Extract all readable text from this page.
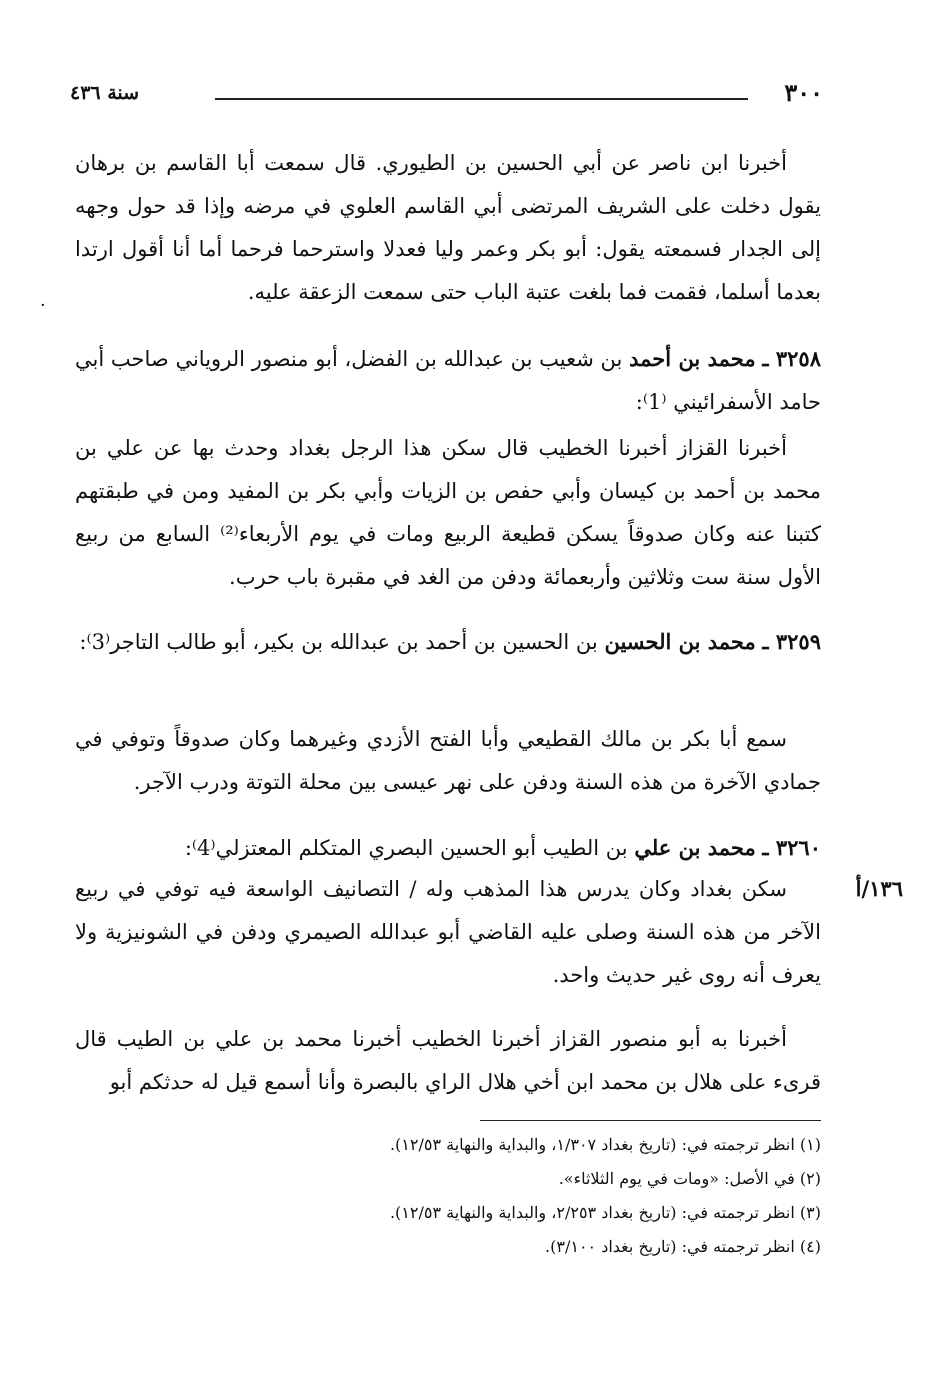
٣٠٠
سنة ٤٣٦
·
أخبرنا ابن ناصر عن أبي الحسين بن الطيوري. قال سمعت أبا القاسم بن برهان يقول دخلت على الشريف المرتضى أبي القاسم العلوي في مرضه وإذا قد حول وجهه إلى الجدار فسمعته يقول: أبو بكر وعمر وليا فعدلا واسترحما فرحما أما أنا أقول ارتدا بعدما أسلما، فقمت فما بلغت عتبة الباب حتى سمعت الزعقة عليه.
٣٢٥٨ ـ محمد بن أحمد بن شعيب بن عبدالله بن الفضل، أبو منصور الروياني صاحب أبي حامد الأسفرائيني ⁽1⁾:
أخبرنا القزاز أخبرنا الخطيب قال سكن هذا الرجل بغداد وحدث بها عن علي بن محمد بن أحمد بن كيسان وأبي حفص بن الزيات وأبي بكر بن المفيد ومن في طبقتهم كتبنا عنه وكان صدوقاً يسكن قطيعة الربيع ومات في يوم الأربعاء⁽²⁾ السابع من ربيع الأول سنة ست وثلاثين وأربعمائة ودفن من الغد في مقبرة باب حرب.
٣٢٥٩ ـ محمد بن الحسين بن الحسين بن أحمد بن عبدالله بن بكير، أبو طالب التاجر⁽3⁾:
سمع أبا بكر بن مالك القطيعي وأبا الفتح الأزدي وغيرهما وكان صدوقاً وتوفي في جمادي الآخرة من هذه السنة ودفن على نهر عيسى بين محلة التوتة ودرب الآجر.
٣٢٦٠ ـ محمد بن علي بن الطيب أبو الحسين البصري المتكلم المعتزلي⁽4⁾:
١٣٦/أ
سكن بغداد وكان يدرس هذا المذهب وله / التصانيف الواسعة فيه توفي في ربيع الآخر من هذه السنة وصلى عليه القاضي أبو عبدالله الصيمري ودفن في الشونيزية ولا يعرف أنه روى غير حديث واحد.
أخبرنا به أبو منصور القزاز أخبرنا الخطيب أخبرنا محمد بن علي بن الطيب قال قرىء على هلال بن محمد ابن أخي هلال الراي بالبصرة وأنا أسمع قيل له حدثكم أبو

(١) انظر ترجمته في: (تاريخ بغداد ١/٣٠٧، والبداية والنهاية ١٢/٥٣).

(٢) في الأصل: «ومات في يوم الثلاثاء».

(٣) انظر ترجمته في: (تاريخ بغداد ٢/٢٥٣، والبداية والنهاية ١٢/٥٣).

(٤) انظر ترجمته في: (تاريخ بغداد ٣/١٠٠).
